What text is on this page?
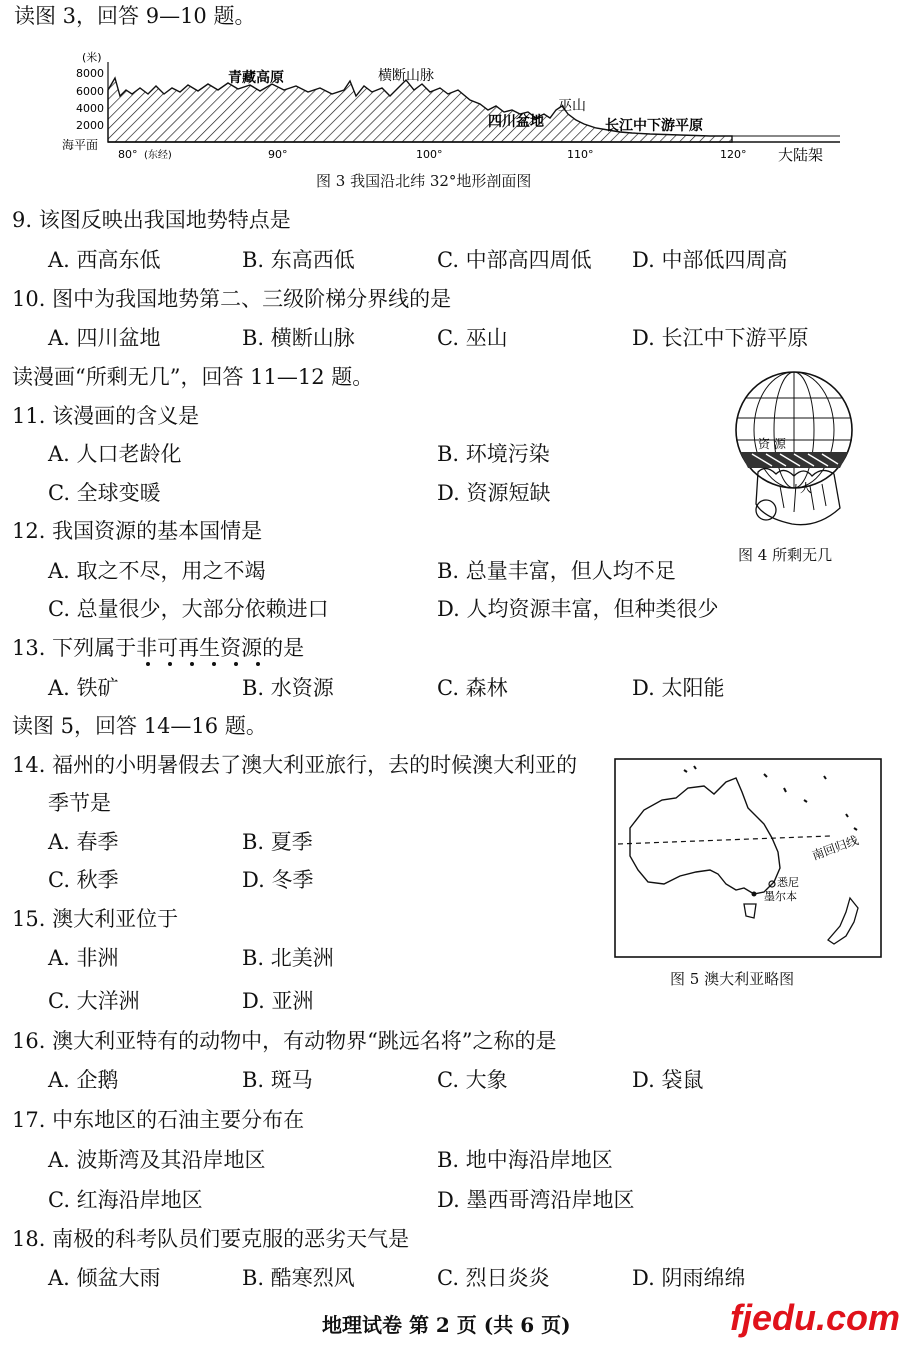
读图 3，回答 9—10 题。
(米)
8000
6000
4000
2000
海平面
80° (东经)	90°	100°	110°	120°
青藏高原	横断山脉
四川盆地
巫山
长江中下游平原
大陆架
图 3 我国沿北纬 32°地形剖面图
9. 该图反映出我国地势特点是
A. 西高东低	B. 东高西低	C. 中部高四周低 D. 中部低四周高
10. 图中为我国地势第二、三级阶梯分界线的是
A. 四川盆地	B. 横断山脉	C. 巫山	D. 长江中下游平原
读漫画“所剩无几”，回答 11—12 题。
资 源
人
图 4 所剩无几
11. 该漫画的含义是
A. 人口老龄化	B. 环境污染
C. 全球变暖	D. 资源短缺
12. 我国资源的基本国情是
A. 取之不尽，用之不竭	B. 总量丰富，但人均不足
C. 总量很少，大部分依赖进口	D. 人均资源丰富，但种类很少
13. 下列属于非可再生资源的是
A. 铁矿	B. 水资源	C. 森林	D. 太阳能
读图 5，回答 14—16 题。
南回归线
悉尼
墨尔本
图 5 澳大利亚略图
14. 福州的小明暑假去了澳大利亚旅行，去的时候澳大利亚的
季节是
A. 春季	B. 夏季
C. 秋季	D. 冬季
15. 澳大利亚位于
A. 非洲	B. 北美洲
C. 大洋洲	D. 亚洲
16. 澳大利亚特有的动物中，有动物界“跳远名将”之称的是
A. 企鹅	B. 斑马	C. 大象	D. 袋鼠
17. 中东地区的石油主要分布在
A. 波斯湾及其沿岸地区	B. 地中海沿岸地区
C. 红海沿岸地区	D. 墨西哥湾沿岸地区
18. 南极的科考队员们要克服的恶劣天气是
A. 倾盆大雨	B. 酷寒烈风	C. 烈日炎炎	D. 阴雨绵绵
地理试卷 第 2 页 (共 6 页)	fjedu.com
